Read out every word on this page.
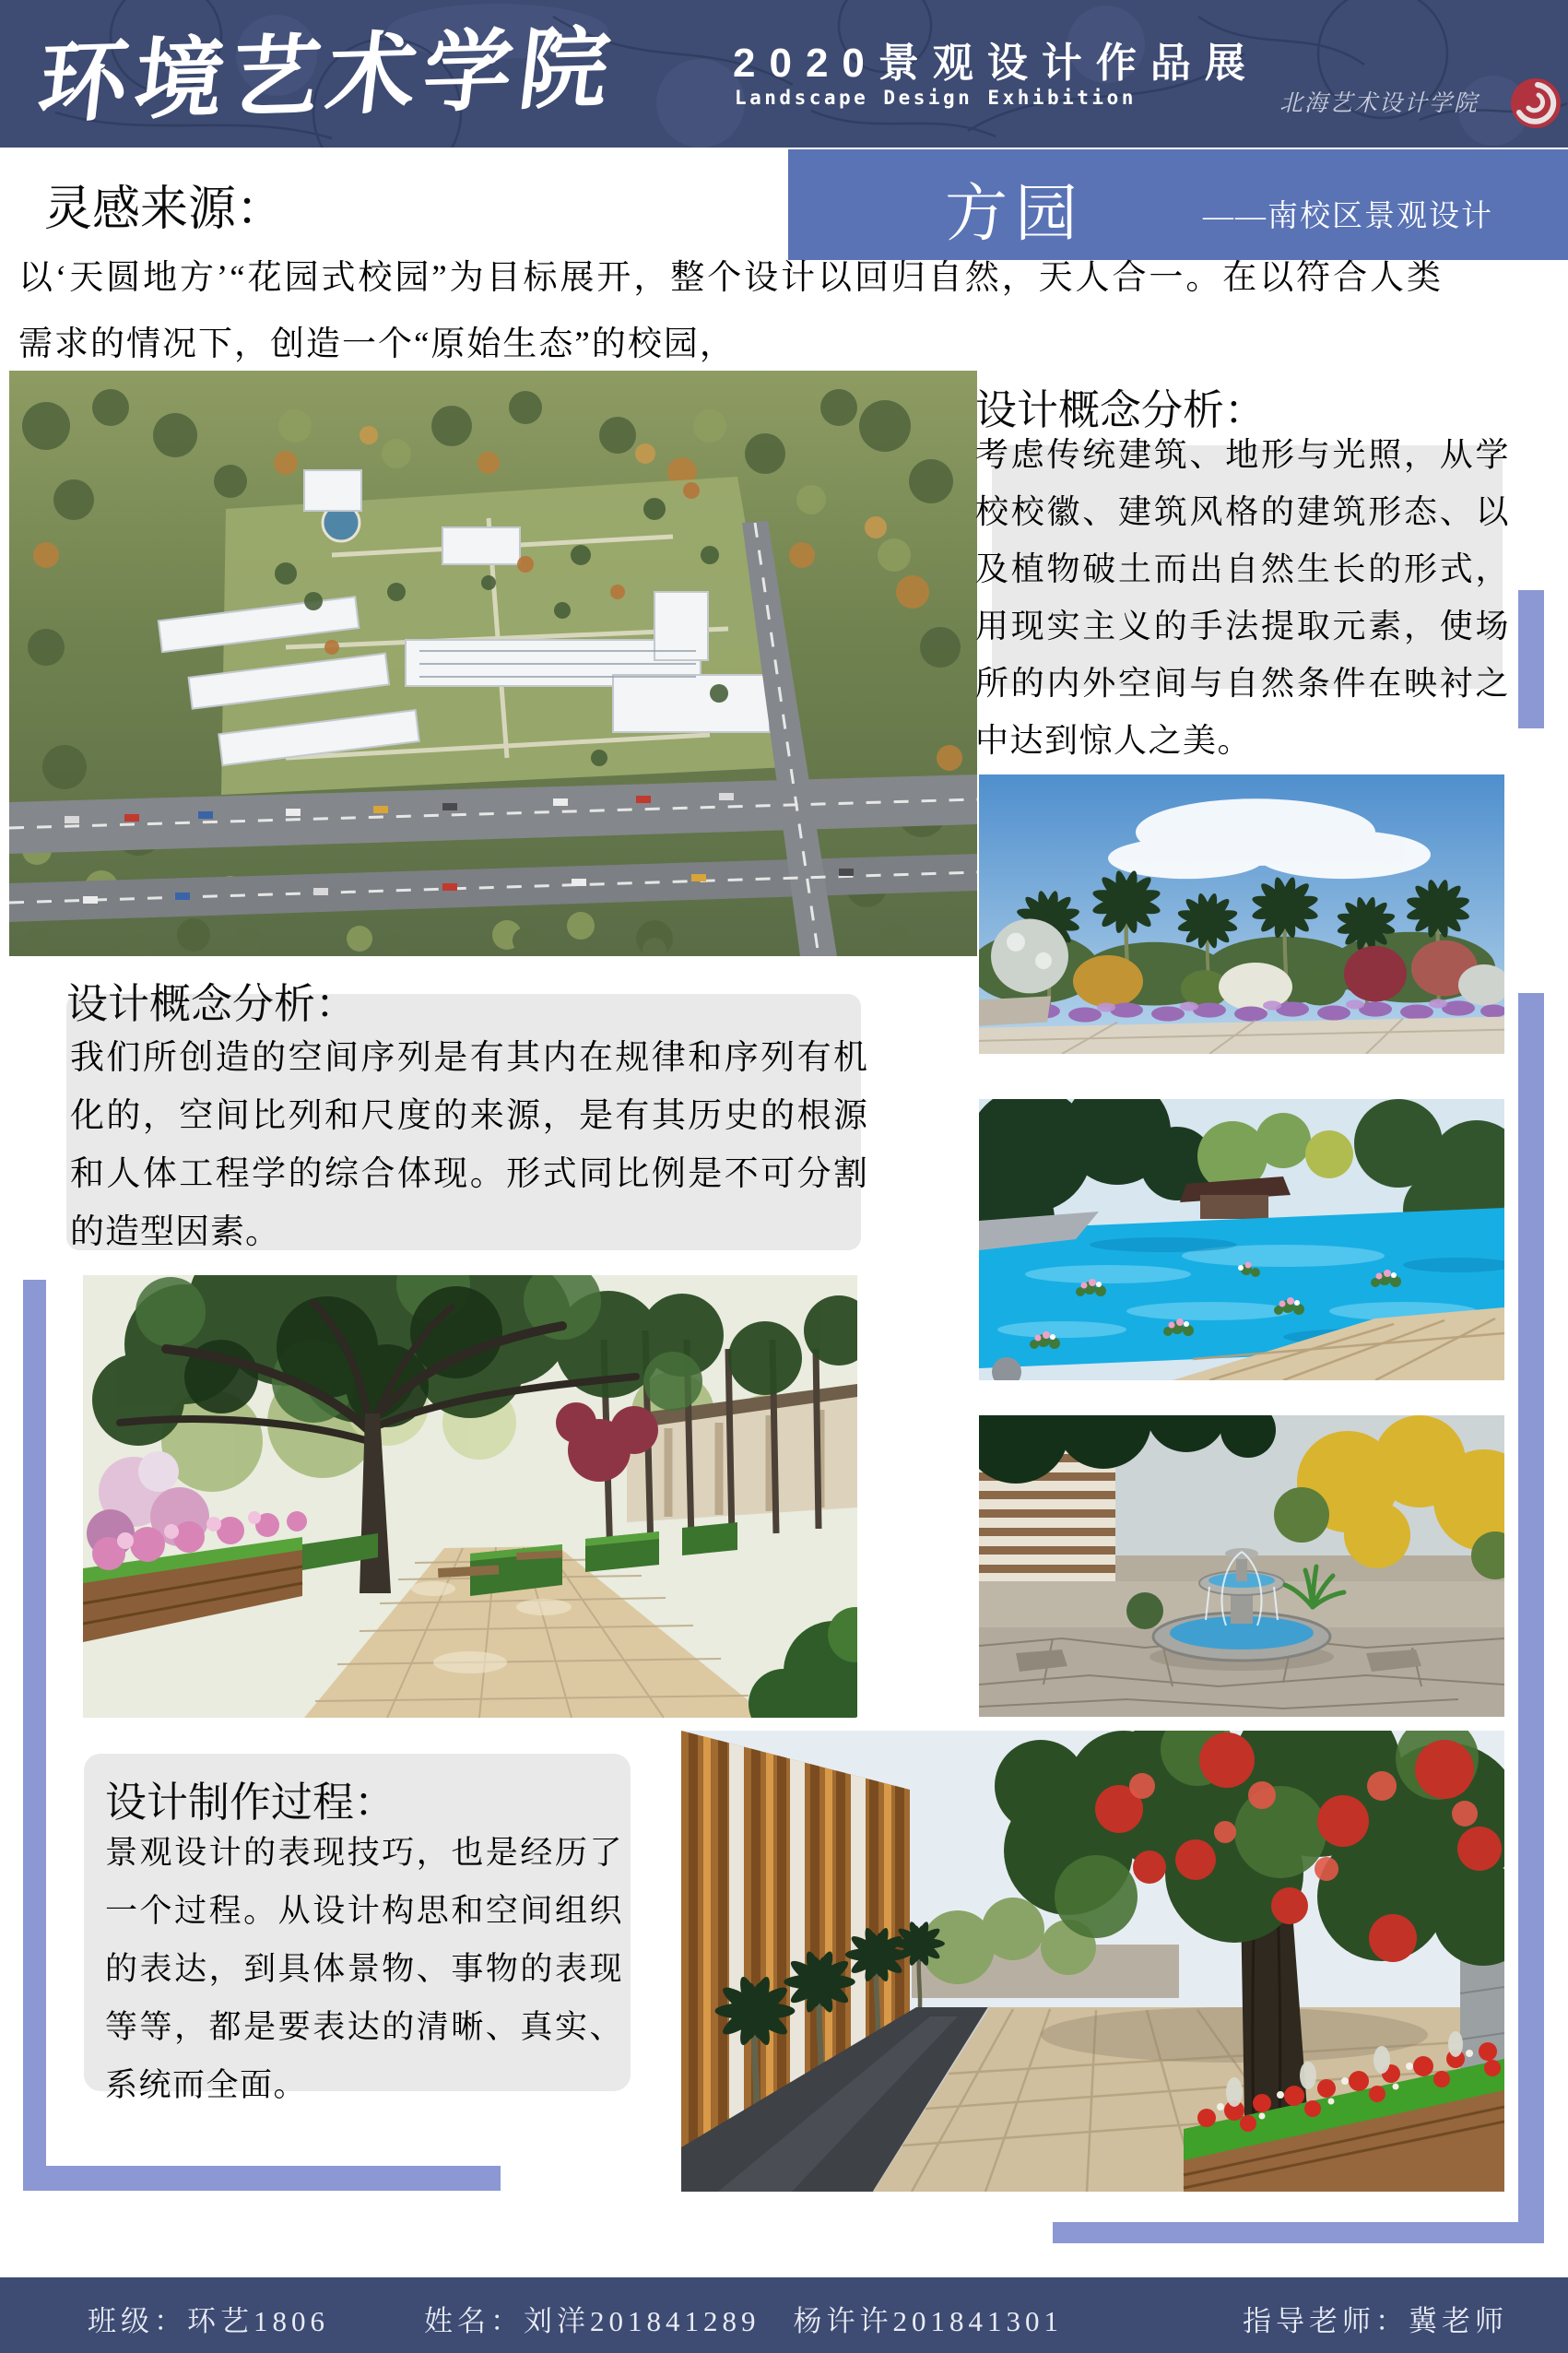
环境艺术学院	2020景观设计作品展
Landscape Design Exhibition	北海艺术设计学院
方园	——南校区景观设计
灵感来源：
以‘天圆地方’“花园式校园”为目标展开，整个设计以回归自然，天人合一。在以符合人类需求的情况下，创造一个“原始生态”的校园，
设计概念分析：
考虑传统建筑、地形与光照，从学校校徽、建筑风格的建筑形态、以及植物破土而出自然生长的形式，用现实主义的手法提取元素，使场所的内外空间与自然条件在映衬之中达到惊人之美。
设计概念分析：
我们所创造的空间序列是有其内在规律和序列有机化的，空间比列和尺度的来源，是有其历史的根源和人体工程学的综合体现。形式同比例是不可分割的造型因素。
设计制作过程：
景观设计的表现技巧，也是经历了一个过程。从设计构思和空间组织的表达，到具体景物、事物的表现等等，都是要表达的清晰、真实、系统而全面。
班级：环艺1806	姓名：刘洋201841289　杨许许201841301	指导老师：冀老师
